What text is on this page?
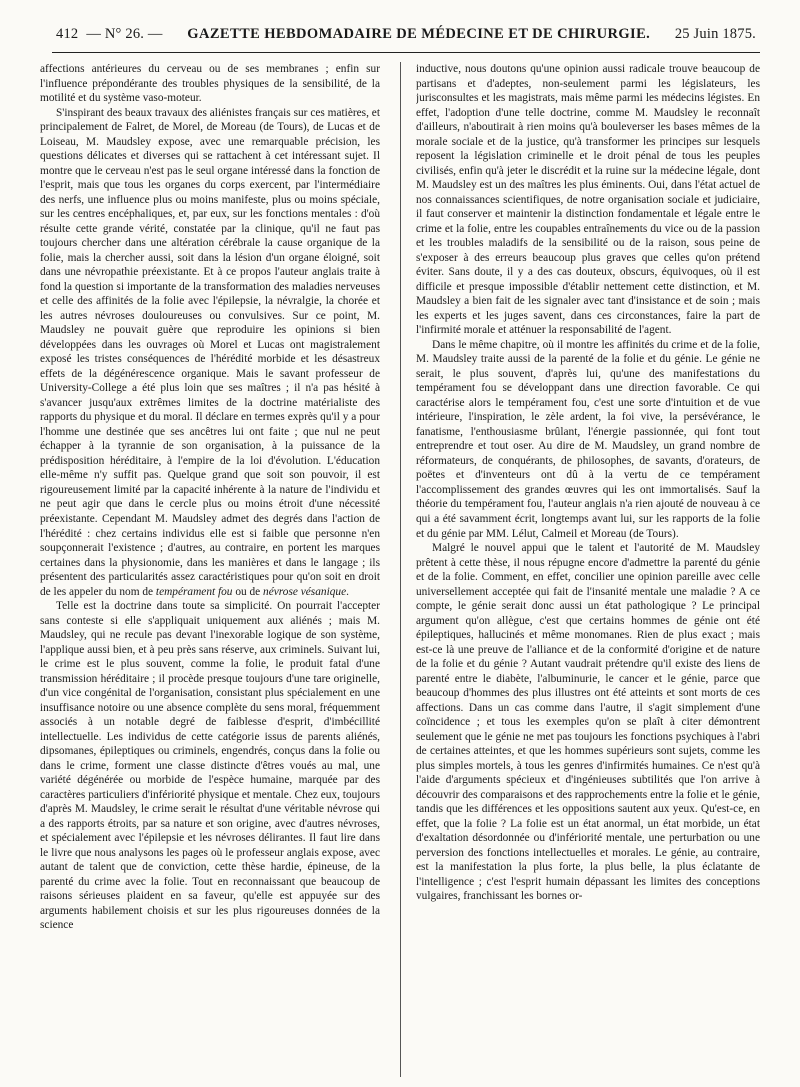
412 — N° 26. — GAZETTE HEBDOMADAIRE DE MÉDECINE ET DE CHIRURGIE. 25 Juin 1875.

affections antérieures du cerveau ou de ses membranes ; enfin sur l'influence prépondérante des troubles physiques de la sensibilité, de la motilité et du système vaso-moteur.

S'inspirant des beaux travaux des aliénistes français sur ces matières, et principalement de Falret, de Morel, de Moreau (de Tours), de Lucas et de Loiseau, M. Maudsley expose, avec une remarquable précision, les questions délicates et diverses qui se rattachent à cet intéressant sujet. Il montre que le cerveau n'est pas le seul organe intéressé dans la fonction de l'esprit, mais que tous les organes du corps exercent, par l'intermédiaire des nerfs, une influence plus ou moins manifeste, plus ou moins spéciale, sur les centres encéphaliques, et, par eux, sur les fonctions mentales : d'où résulte cette grande vérité, constatée par la clinique, qu'il ne faut pas toujours chercher dans une altération cérébrale la cause organique de la folie, mais la chercher aussi, soit dans la lésion d'un organe éloigné, soit dans une névropathie préexistante. Et à ce propos l'auteur anglais traite à fond la question si importante de la transformation des maladies nerveuses et celle des affinités de la folie avec l'épilepsie, la névralgie, la chorée et les autres névroses douloureuses ou convulsives. Sur ce point, M. Maudsley ne pouvait guère que reproduire les opinions si bien développées dans les ouvrages où Morel et Lucas ont magistralement exposé les tristes conséquences de l'hérédité morbide et les désastreux effets de la dégénérescence organique. Mais le savant professeur de University-College a été plus loin que ses maîtres ; il n'a pas hésité à s'avancer jusqu'aux extrêmes limites de la doctrine matérialiste des rapports du physique et du moral. Il déclare en termes exprès qu'il y a pour l'homme une destinée que ses ancêtres lui ont faite ; que nul ne peut échapper à la tyrannie de son organisation, à la puissance de la prédisposition héréditaire, à l'empire de la loi d'évolution. L'éducation elle-même n'y suffit pas. Quelque grand que soit son pouvoir, il est rigoureusement limité par la capacité inhérente à la nature de l'individu et ne peut agir que dans le cercle plus ou moins étroit d'une nécessité préexistante. Cependant M. Maudsley admet des degrés dans l'action de l'hérédité : chez certains individus elle est si faible que personne n'en soupçonnerait l'existence ; d'autres, au contraire, en portent les marques certaines dans la physionomie, dans les manières et dans le langage ; ils présentent des particularités assez caractéristiques pour qu'on soit en droit de les appeler du nom de tempérament fou ou de névrose vésanique.

Telle est la doctrine dans toute sa simplicité. On pourrait l'accepter sans conteste si elle s'appliquait uniquement aux aliénés ; mais M. Maudsley, qui ne recule pas devant l'inexorable logique de son système, l'applique aussi bien, et à peu près sans réserve, aux criminels. Suivant lui, le crime est le plus souvent, comme la folie, le produit fatal d'une transmission héréditaire ; il procède presque toujours d'une tare originelle, d'un vice congénital de l'organisation, consistant plus spécialement en une insuffisance notoire ou une absence complète du sens moral, fréquemment associés à un notable degré de faiblesse d'esprit, d'imbécillité intellectuelle. Les individus de cette catégorie issus de parents aliénés, dipsomanes, épileptiques ou criminels, engendrés, conçus dans la folie ou dans le crime, forment une classe distincte d'êtres voués au mal, une variété dégénérée ou morbide de l'espèce humaine, marquée par des caractères particuliers d'infériorité physique et mentale. Chez eux, toujours d'après M. Maudsley, le crime serait le résultat d'une véritable névrose qui a des rapports étroits, par sa nature et son origine, avec d'autres névroses, et spécialement avec l'épilepsie et les névroses délirantes. Il faut lire dans le livre que nous analysons les pages où le professeur anglais expose, avec autant de talent que de conviction, cette thèse hardie, épineuse, de la parenté du crime avec la folie. Tout en reconnaissant que beaucoup de raisons sérieuses plaident en sa faveur, qu'elle est appuyée sur des arguments habilement choisis et sur les plus rigoureuses données de la science

inductive, nous doutons qu'une opinion aussi radicale trouve beaucoup de partisans et d'adeptes, non-seulement parmi les législateurs, les jurisconsultes et les magistrats, mais même parmi les médecins légistes. En effet, l'adoption d'une telle doctrine, comme M. Maudsley le reconnaît d'ailleurs, n'aboutirait à rien moins qu'à bouleverser les bases mêmes de la morale sociale et de la justice, qu'à transformer les principes sur lesquels reposent la législation criminelle et le droit pénal de tous les peuples civilisés, enfin qu'à jeter le discrédit et la ruine sur la médecine légale, dont M. Maudsley est un des maîtres les plus éminents. Oui, dans l'état actuel de nos connaissances scientifiques, de notre organisation sociale et judiciaire, il faut conserver et maintenir la distinction fondamentale et légale entre le crime et la folie, entre les coupables entraînements du vice ou de la passion et les troubles maladifs de la sensibilité ou de la raison, sous peine de s'exposer à des erreurs beaucoup plus graves que celles qu'on prétend éviter. Sans doute, il y a des cas douteux, obscurs, équivoques, où il est difficile et presque impossible d'établir nettement cette distinction, et M. Maudsley a bien fait de les signaler avec tant d'insistance et de soin ; mais les experts et les juges savent, dans ces circonstances, faire la part de l'infirmité morale et atténuer la responsabilité de l'agent.

Dans le même chapitre, où il montre les affinités du crime et de la folie, M. Maudsley traite aussi de la parenté de la folie et du génie. Le génie ne serait, le plus souvent, d'après lui, qu'une des manifestations du tempérament fou se développant dans une direction favorable. Ce qui caractérise alors le tempérament fou, c'est une sorte d'intuition et de vue intérieure, l'inspiration, le zèle ardent, la foi vive, la persévérance, le fanatisme, l'enthousiasme brûlant, l'énergie passionnée, qui font tout entreprendre et tout oser. Au dire de M. Maudsley, un grand nombre de réformateurs, de conquérants, de philosophes, de savants, d'orateurs, de poëtes et d'inventeurs ont dû à la vertu de ce tempérament l'accomplissement des grandes œuvres qui les ont immortalisés. Sauf la théorie du tempérament fou, l'auteur anglais n'a rien ajouté de nouveau à ce qui a été savamment écrit, longtemps avant lui, sur les rapports de la folie et du génie par MM. Lélut, Calmeil et Moreau (de Tours).

Malgré le nouvel appui que le talent et l'autorité de M. Maudsley prêtent à cette thèse, il nous répugne encore d'admettre la parenté du génie et de la folie. Comment, en effet, concilier une opinion pareille avec celle universellement acceptée qui fait de l'insanité mentale une maladie ? A ce compte, le génie serait donc aussi un état pathologique ? Le principal argument qu'on allègue, c'est que certains hommes de génie ont été épileptiques, hallucinés et même monomanes. Rien de plus exact ; mais est-ce là une preuve de l'alliance et de la conformité d'origine et de nature de la folie et du génie ? Autant vaudrait prétendre qu'il existe des liens de parenté entre le diabète, l'albuminurie, le cancer et le génie, parce que beaucoup d'hommes des plus illustres ont été atteints et sont morts de ces affections. Dans un cas comme dans l'autre, il s'agit simplement d'une coïncidence ; et tous les exemples qu'on se plaît à citer démontrent seulement que le génie ne met pas toujours les fonctions psychiques à l'abri de certaines atteintes, et que les hommes supérieurs sont sujets, comme les plus simples mortels, à tous les genres d'infirmités humaines. Ce n'est qu'à l'aide d'arguments spécieux et d'ingénieuses subtilités que l'on arrive à découvrir des comparaisons et des rapprochements entre la folie et le génie, tandis que les différences et les oppositions sautent aux yeux. Qu'est-ce, en effet, que la folie ? La folie est un état anormal, un état morbide, un état d'exaltation désordonnée ou d'infériorité mentale, une perturbation ou une perversion des fonctions intellectuelles et morales. Le génie, au contraire, est la manifestation la plus forte, la plus belle, la plus éclatante de l'intelligence ; c'est l'esprit humain dépassant les limites des conceptions vulgaires, franchissant les bornes or-
